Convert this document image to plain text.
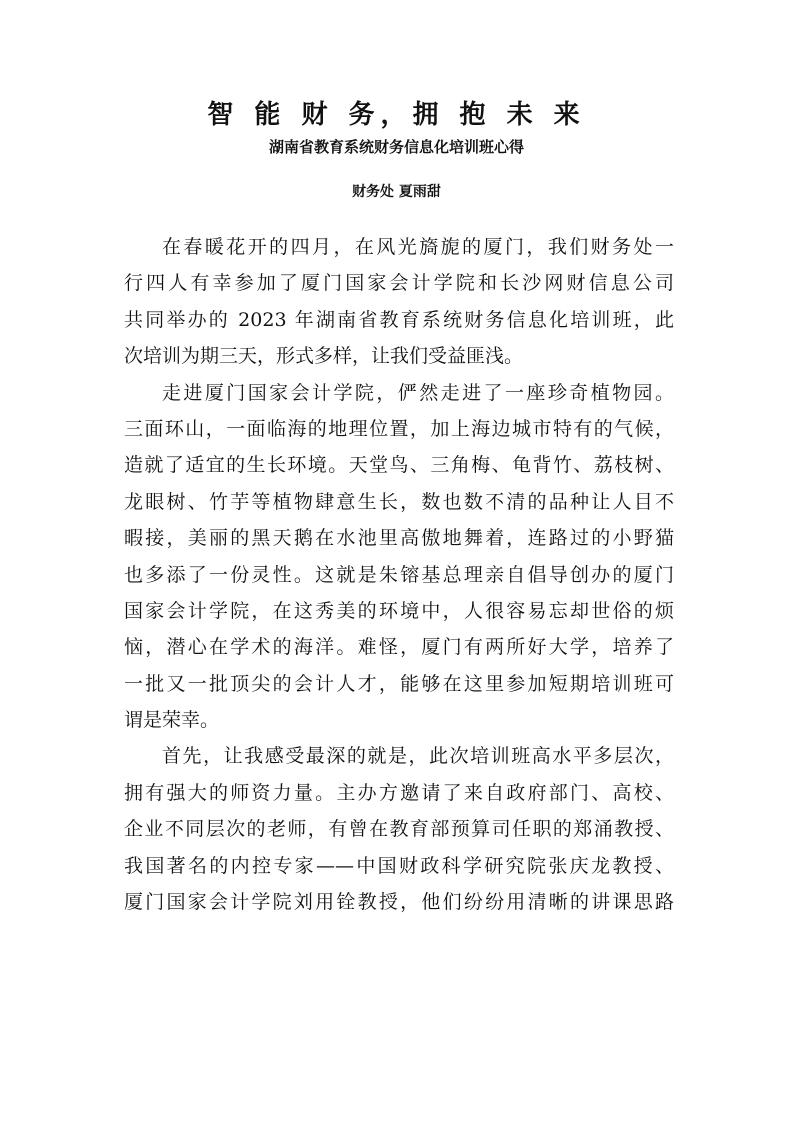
智 能 财 务，拥 抱 未 来
湖南省教育系统财务信息化培训班心得
财务处 夏雨甜
在春暖花开的四月，在风光旖旎的厦门，我们财务处一
行四人有幸参加了厦门国家会计学院和长沙网财信息公司
共同举办的 2023 年湖南省教育系统财务信息化培训班，此
次培训为期三天，形式多样，让我们受益匪浅。
走进厦门国家会计学院，俨然走进了一座珍奇植物园。
三面环山，一面临海的地理位置，加上海边城市特有的气候，
造就了适宜的生长环境。天堂鸟、三角梅、龟背竹、荔枝树、
龙眼树、竹芋等植物肆意生长，数也数不清的品种让人目不
暇接，美丽的黑天鹅在水池里高傲地舞着，连路过的小野猫
也多添了一份灵性。这就是朱镕基总理亲自倡导创办的厦门
国家会计学院，在这秀美的环境中，人很容易忘却世俗的烦
恼，潜心在学术的海洋。难怪，厦门有两所好大学，培养了
一批又一批顶尖的会计人才，能够在这里参加短期培训班可
谓是荣幸。
首先，让我感受最深的就是，此次培训班高水平多层次，
拥有强大的师资力量。主办方邀请了来自政府部门、高校、
企业不同层次的老师，有曾在教育部预算司任职的郑涌教授、
我国著名的内控专家——中国财政科学研究院张庆龙教授、
厦门国家会计学院刘用铨教授，他们纷纷用清晰的讲课思路
